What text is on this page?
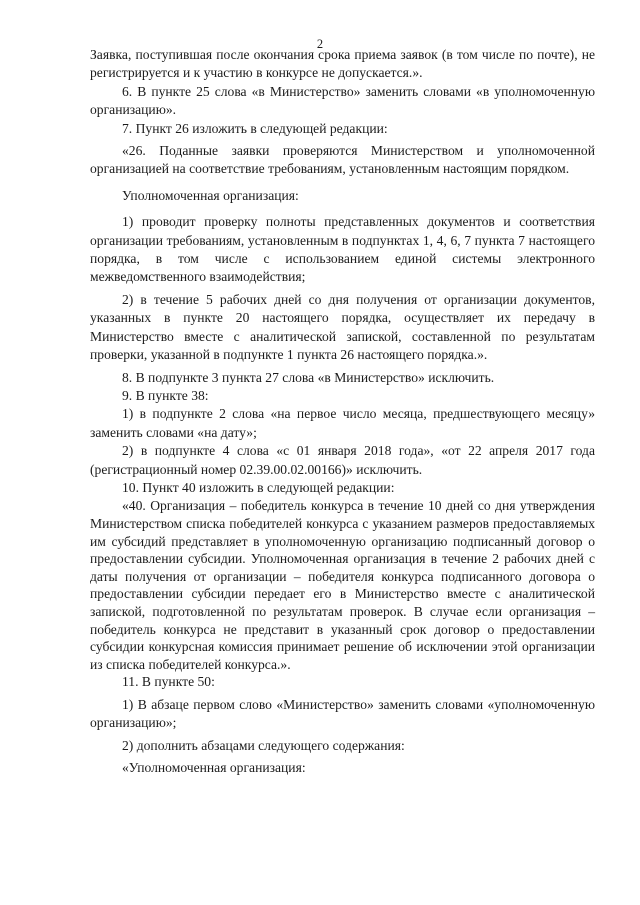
2

Заявка, поступившая после окончания срока приема заявок (в том числе по почте), не регистрируется и к участию в конкурсе не допускается.».

6. В пункте 25 слова «в Министерство» заменить словами «в уполномоченную организацию».

7. Пункт 26 изложить в следующей редакции:

«26. Поданные заявки проверяются Министерством и уполномоченной организацией на соответствие требованиям, установленным настоящим порядком.

Уполномоченная организация:

1) проводит проверку полноты представленных документов и соответствия организации требованиям, установленным в подпунктах 1, 4, 6, 7 пункта 7 настоящего порядка, в том числе с использованием единой системы электронного межведомственного взаимодействия;

2) в течение 5 рабочих дней со дня получения от организации документов, указанных в пункте 20 настоящего порядка, осуществляет их передачу в Министерство вместе с аналитической запиской, составленной по результатам проверки, указанной в подпункте 1 пункта 26 настоящего порядка.».

8. В подпункте 3 пункта 27 слова «в Министерство» исключить.

9. В пункте 38:

1) в подпункте 2 слова «на первое число месяца, предшествующего месяцу» заменить словами «на дату»;

2) в подпункте 4 слова «с 01 января 2018 года», «от 22 апреля 2017 года (регистрационный номер 02.39.00.02.00166)» исключить.

10. Пункт 40 изложить в следующей редакции:

«40. Организация – победитель конкурса в течение 10 дней со дня утверждения Министерством списка победителей конкурса с указанием размеров предоставляемых им субсидий представляет в уполномоченную организацию подписанный договор о предоставлении субсидии. Уполномоченная организация в течение 2 рабочих дней с даты получения от организации – победителя конкурса подписанного договора о предоставлении субсидии передает его в Министерство вместе с аналитической запиской, подготовленной по результатам проверок. В случае если организация – победитель конкурса не представит в указанный срок договор о предоставлении субсидии конкурсная комиссия принимает решение об исключении этой организации из списка победителей конкурса.».

11. В пункте 50:

1) В абзаце первом слово «Министерство» заменить словами «уполномоченную организацию»;

2) дополнить абзацами следующего содержания:

«Уполномоченная организация:
